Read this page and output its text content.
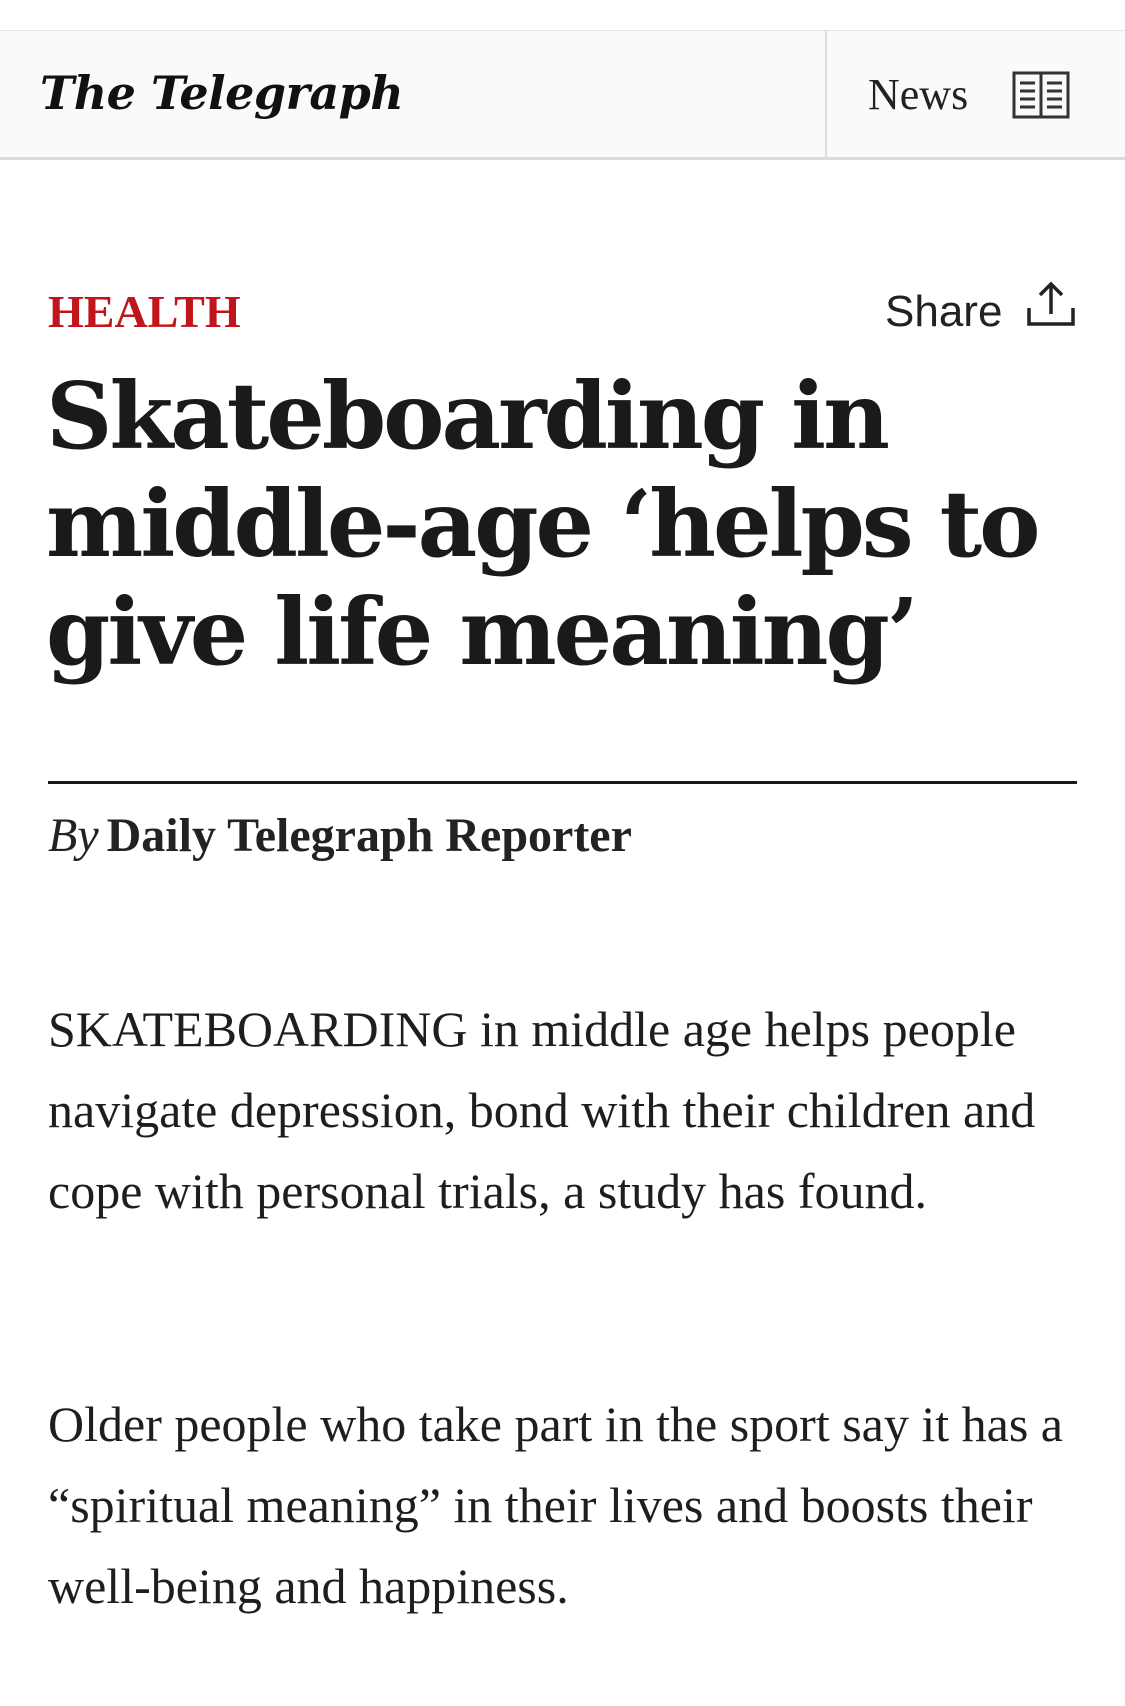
The Telegraph	News
HEALTH	Share
Skateboarding in middle-age ‘helps to give life meaning’
By Daily Telegraph Reporter

SKATEBOARDING in middle age helps people navigate depression, bond with their children and cope with personal trials, a study has found.

Older people who take part in the sport say it has a “spiritual meaning” in their lives and boosts their well-being and happiness.
